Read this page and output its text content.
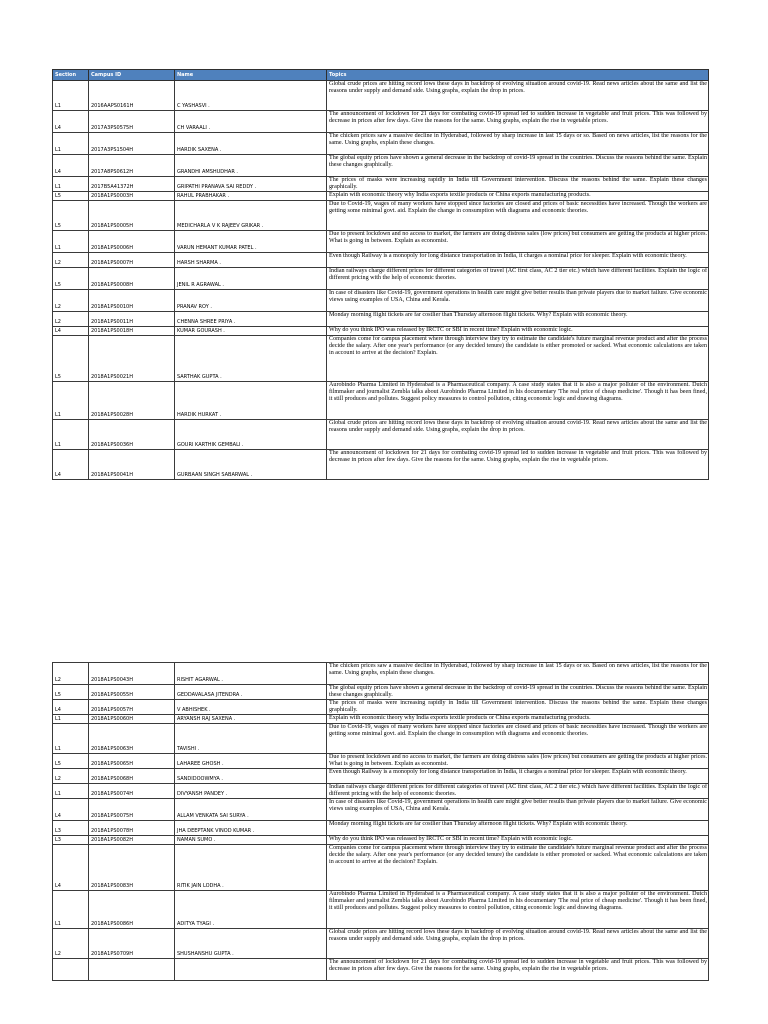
Section	Campus ID	Name	Topics
L1	2016AAPS0161H	C YASHASVI .	Global crude prices are hitting record lows these days in backdrop of evolving situation around covid-19. Read news articles about the same and list the reasons under supply and demand side. Using graphs, explain the drop in prices.

L4	2017A3PS0575H	CH VARAALI .	The announcement of lockdown for 21 days for combating covid-19 spread led to sudden increase in vegetable and fruit prices. This was followed by decrease in prices after few days. Give the reasons for the same. Using graphs, explain the rise in vegetable prices.

L1	2017A3PS1504H	HARDIK SAXENA .	The chicken prices saw a massive decline in Hyderabad, followed by sharp increase in last 15 days or so. Based on news articles, list the reasons for the same. Using graphs, explain these changes.

L4	2017A8PS0612H	GRANDHI AMSHUDHAR .	The global equity prices have shown a general decrease in the backdrop of covid-19 spread in the countries. Discuss the reasons behind the same. Explain these changes graphically.

L1	2017B5A41372H	GRIPATHI PRANAVA SAI REDDY .	The prices of masks were increasing rapidly in India till Government intervention. Discuss the reasons behind the same. Explain these changes graphically.

L5	2018A1PS0003H	RAHUL PRABHAKAR .	Explain with economic theory why India exports textile products or China exports manufacturing products.

L5	2018A1PS0005H	MEDICHARLA V K RAJEEV GRIKAR .	Due to Covid-19, wages of many workers have stopped since factories are closed and prices of basic necessities have increased. Though the workers are getting some minimal govt. aid. Explain the change in consumption with diagrams and economic theories.

L1	2018A1PS0006H	VARUN HEMANT KUMAR PATEL .	Due to present lockdown and no access to market, the farmers are doing distress sales (low prices) but consumers are getting the products at higher prices. What is going in between. Explain as economist.

L2	2018A1PS0007H	HARSH SHARMA .	Even though Railway is a monopoly for long distance transportation in India, it charges a nominal price for sleeper. Explain with economic theory.

L5	2018A1PS0008H	JENIL R AGRAWAL .	Indian railways charge different prices for different categories of travel (AC first class, AC 2 tier etc.) which have different facilities. Explain the logic of different pricing with the help of economic theories.

L2	2018A1PS0010H	PRANAV ROY .	In case of disasters like Covid-19, government operations in health care might give better results than private players due to market failure. Give economic views using examples of USA, China and Kerala.

L2	2018A1PS0011H	CHENNA SHREE PRIYA .	Monday morning flight tickets are far costlier than Thursday afternoon flight tickets. Why? Explain with economic theory.

L4	2018A1PS0018H	KUMAR GOURASH .	Why do you think IPO was released by IRCTC or SBI in recent time? Explain with economic logic.

L5	2018A1PS0021H	SARTHAK GUPTA .	Companies come for campus placement where through interview they try to estimate the candidate's future marginal revenue product and after the process decide the salary. After one year's performance (or any decided tenure) the candidate is either promoted or sacked. What economic calculations are taken in account to arrive at the decision? Explain.

L1	2018A1PS0028H	HARDIK HURKAT .	Aurobindo Pharma Limited in Hyderabad is a Pharmaceutical company. A case study states that it is also a major polluter of the environment. Dutch filmmaker and journalist Zembla talks about Aurobindo Pharma Limited in his documentary 'The real price of cheap medicine'. Though it has been fined, it still produces and pollutes. Suggest policy measures to control pollution, citing economic logic and drawing diagrams.

L1	2018A1PS0036H	GOURI KARTHIK GEMBALI .	Global crude prices are hitting record lows these days in backdrop of evolving situation around covid-19. Read news articles about the same and list the reasons under supply and demand side. Using graphs, explain the drop in prices.

L4	2018A1PS0041H	GURBAAN SINGH SABARWAL .	The announcement of lockdown for 21 days for combating covid-19 spread led to sudden increase in vegetable and fruit prices. This was followed by decrease in prices after few days. Give the reasons for the same. Using graphs, explain the rise in vegetable prices.
L2	2018A1PS0043H	RISHIT AGARWAL .	The chicken prices saw a massive decline in Hyderabad, followed by sharp increase in last 15 days or so. Based on news articles, list the reasons for the same. Using graphs, explain these changes.

L5	2018A1PS0055H	GEDDAVALASA JITENDRA .	The global equity prices have shown a general decrease in the backdrop of covid-19 spread in the countries. Discuss the reasons behind the same. Explain these changes graphically.

L4	2018A1PS0057H	V ABHISHEK .	The prices of masks were increasing rapidly in India till Government intervention. Discuss the reasons behind the same. Explain these changes graphically.

L1	2018A1PS0060H	ARYANSH RAJ SAXENA .	Explain with economic theory why India exports textile products or China exports manufacturing products.

L1	2018A1PS0063H	TAVISHI .	Due to Covid-19, wages of many workers have stopped since factories are closed and prices of basic necessities have increased. Though the workers are getting some minimal govt. aid. Explain the change in consumption with diagrams and economic theories.

L5	2018A1PS0065H	LAHAREE GHOSH .	Due to present lockdown and no access to market, the farmers are doing distress sales (low prices) but consumers are getting the products at higher prices. What is going in between. Explain as economist.

L2	2018A1PS0068H	SANDIDOOWMYA .	Even though Railway is a monopoly for long distance transportation in India, it charges a nominal price for sleeper. Explain with economic theory.

L1	2018A1PS0074H	DIVYANSH PANDEY .	Indian railways charge different prices for different categories of travel (AC first class, AC 2 tier etc.) which have different facilities. Explain the logic of different pricing with the help of economic theories.

L4	2018A1PS0075H	ALLAM VENKATA SAI SURYA .	In case of disasters like Covid-19, government operations in health care might give better results than private players due to market failure. Give economic views using examples of USA, China and Kerala.

L3	2018A1PS0078H	JHA DEEPTANK VINOD KUMAR .	Monday morning flight tickets are far costlier than Thursday afternoon flight tickets. Why? Explain with economic theory.

L3	2018A1PS0082H	NAMAN SUMO .	Why do you think IPO was released by IRCTC or SBI in recent time? Explain with economic logic.

L4	2018A1PS0083H	RITIK JAIN LODHA .	Companies come for campus placement where through interview they try to estimate the candidate's future marginal revenue product and after the process decide the salary. After one year's performance (or any decided tenure) the candidate is either promoted or sacked. What economic calculations are taken in account to arrive at the decision? Explain.

L1	2018A1PS0086H	ADITYA TYAGI .	Aurobindo Pharma Limited in Hyderabad is a Pharmaceutical company. A case study states that it is also a major polluter of the environment. Dutch filmmaker and journalist Zembla talks about Aurobindo Pharma Limited in his documentary 'The real price of cheap medicine'. Though it has been fined, it still produces and pollutes. Suggest policy measures to control pollution, citing economic logic and drawing diagrams.

L2	2018A1PS0709H	SHUSHANSHU GUPTA .	Global crude prices are hitting record lows these days in backdrop of evolving situation around covid-19. Read news articles about the same and list the reasons under supply and demand side. Using graphs, explain the drop in prices.

			The announcement of lockdown for 21 days for combating covid-19 spread led to sudden increase in vegetable and fruit prices. This was followed by decrease in prices after few days. Give the reasons for the same. Using graphs, explain the rise in vegetable prices.
